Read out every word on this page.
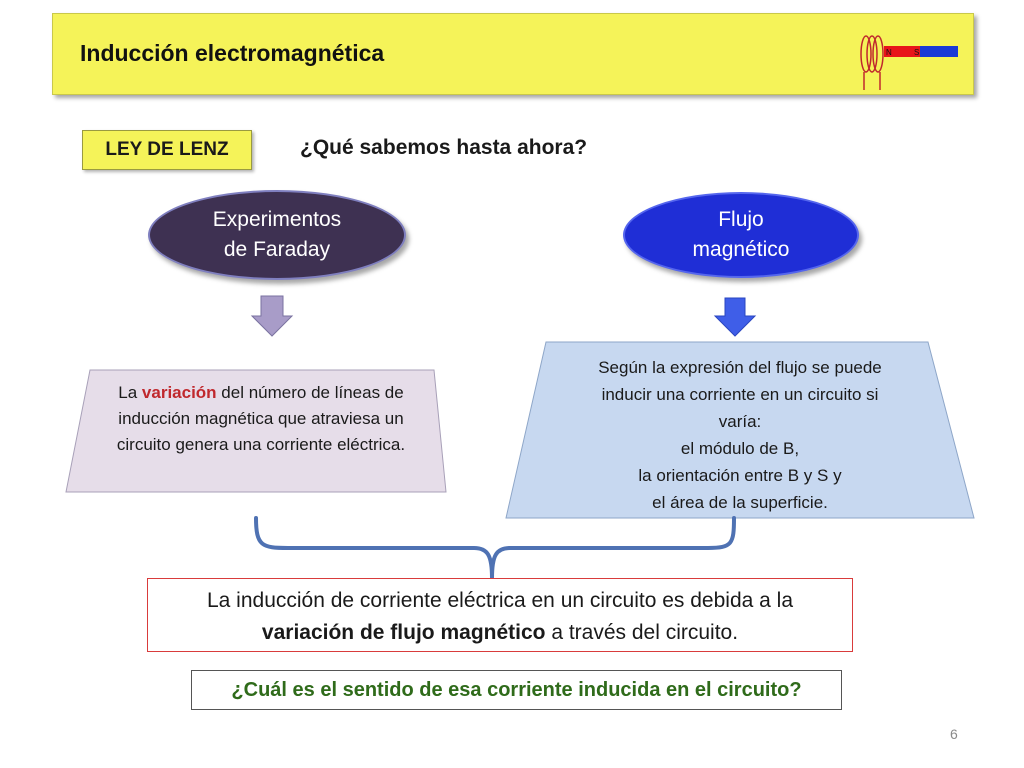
Inducción electromagnética	N	S
LEY DE LENZ	¿Qué sabemos hasta ahora?
Experimentos
de Faraday
Flujo
magnético
La variación del número de líneas de inducción magnética que atraviesa un circuito genera una corriente eléctrica.
Según la expresión del flujo se puede
inducir una corriente en un circuito si
varía:
el módulo de B,
la orientación entre B y S y
el área de la superficie.
La inducción de corriente eléctrica en un circuito es debida a la
variación de flujo magnético a través del circuito.
¿Cuál es el sentido de esa corriente inducida en el circuito?
6
